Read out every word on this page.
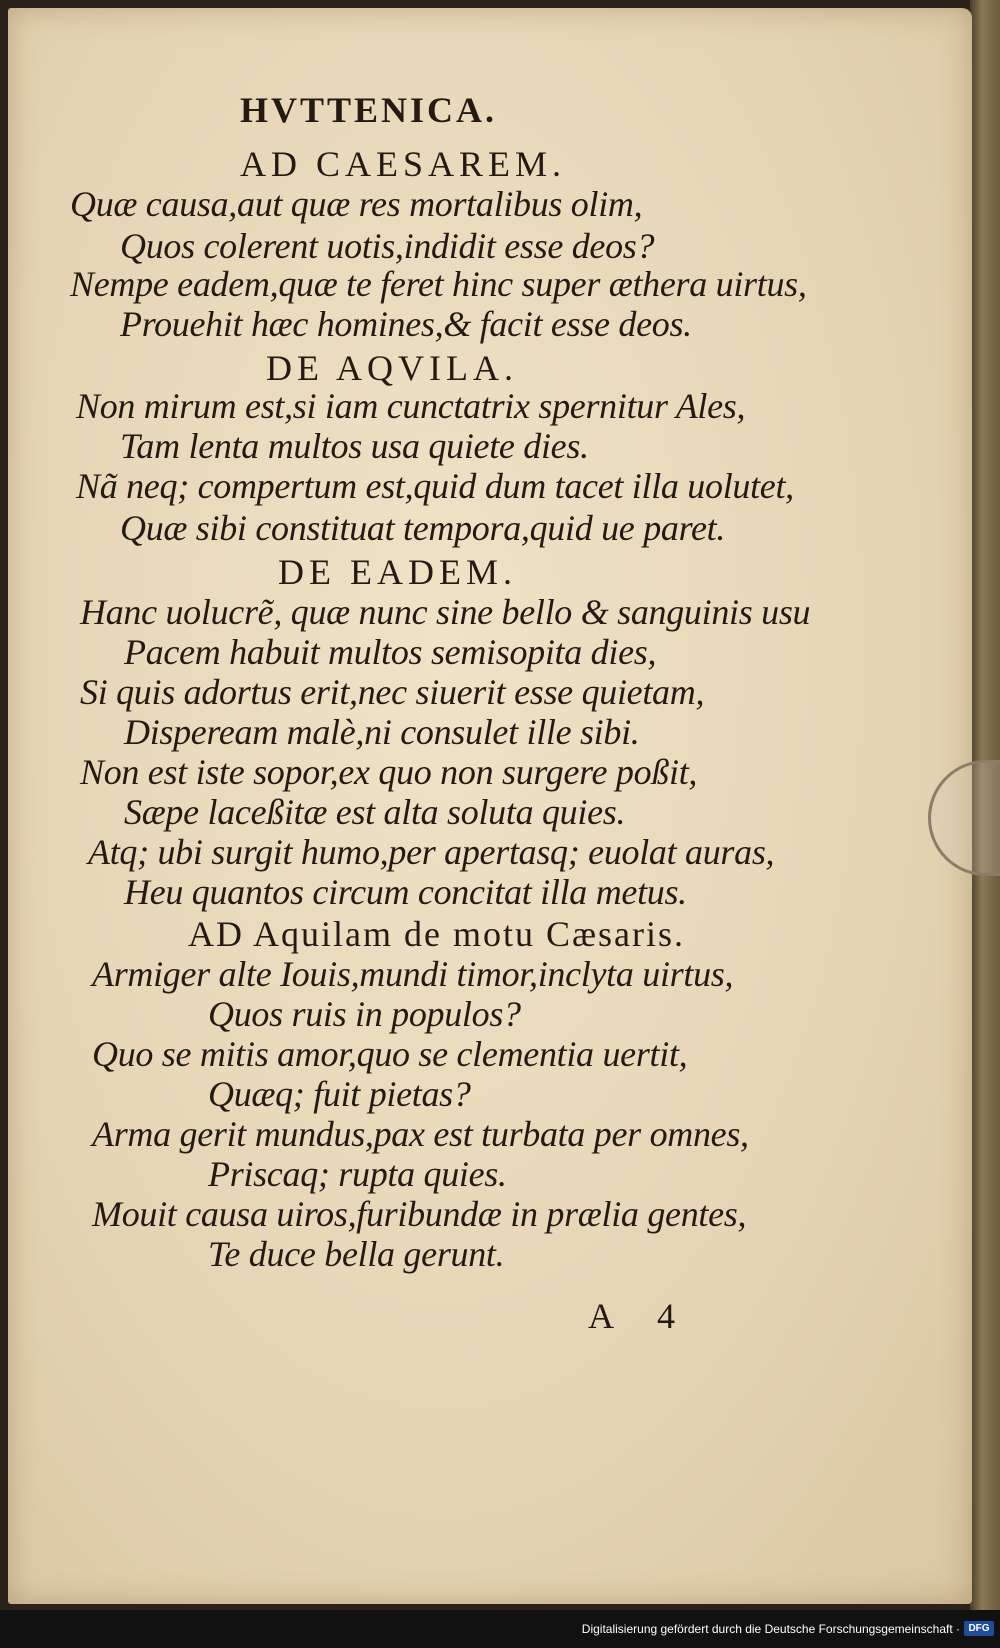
HVTTENICA.
AD CAESAREM.
Quæ causa,aut quæ res mortalibus olim,
Quos colerent uotis,indidit esse deos?
Nempe eadem,quæ te feret hinc super æthera uirtus,
Prouehit hæc homines,& facit esse deos.
DE AQVILA.
Non mirum est,si iam cunctatrix spernitur Ales,
Tam lenta multos usa quiete dies.
Nã neq; compertum est,quid dum tacet illa uolutet,
Quæ sibi constituat tempora,quid ue paret.
DE EADEM.
Hanc uolucrẽ, quæ nunc sine bello & sanguinis usu
Pacem habuit multos semisopita dies,
Si quis adortus erit,nec siuerit esse quietam,
Dispeream malè,ni consulet ille sibi.
Non est iste sopor,ex quo non surgere poßit,
Sæpe laceßitæ est alta soluta quies.
Atq; ubi surgit humo,per apertasq; euolat auras,
Heu quantos circum concitat illa metus.
AD Aquilam de motu Cæsaris.
Armiger alte Iouis,mundi timor,inclyta uirtus,
Quos ruis in populos?
Quo se mitis amor,quo se clementia uertit,
Quæq; fuit pietas?
Arma gerit mundus,pax est turbata per omnes,
Priscaq; rupta quies.
Mouit causa uiros,furibundæ in prælia gentes,
Te duce bella gerunt.
A 4
Digitalisierung gefördert durch die Deutsche Forschungsgemeinschaft · DFG
